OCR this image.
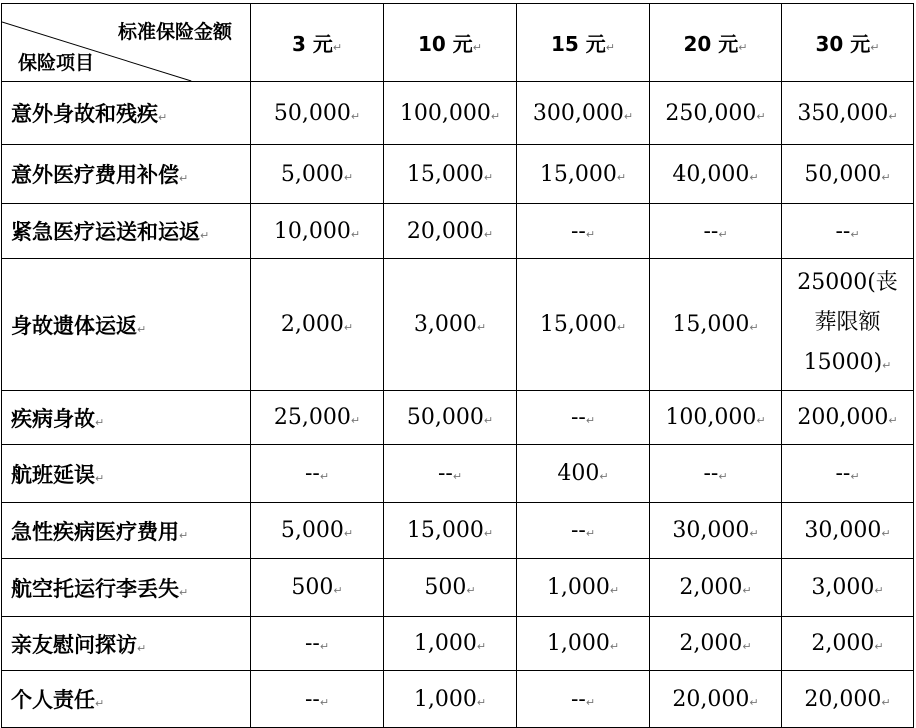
标准保险金额
保险项目	3 元↵	10 元↵	15 元↵	20 元↵	30 元↵
意外身故和残疾↵	50,000↵	100,000↵	300,000↵	250,000↵	350,000↵
意外医疗费用补偿↵	5,000↵	15,000↵	15,000↵	40,000↵	50,000↵
紧急医疗运送和运返↵	10,000↵	20,000↵	--↵	--↵	--↵
身故遗体运返↵	2,000↵	3,000↵	15,000↵	15,000↵	25000(丧葬限额15000)↵
疾病身故↵	25,000↵	50,000↵	--↵	100,000↵	200,000↵
航班延误↵	--↵	--↵	400↵	--↵	--↵
急性疾病医疗费用↵	5,000↵	15,000↵	--↵	30,000↵	30,000↵
航空托运行李丢失↵	500↵	500↵	1,000↵	2,000↵	3,000↵
亲友慰问探访↵	--↵	1,000↵	1,000↵	2,000↵	2,000↵
个人责任↵	--↵	1,000↵	--↵	20,000↵	20,000↵
